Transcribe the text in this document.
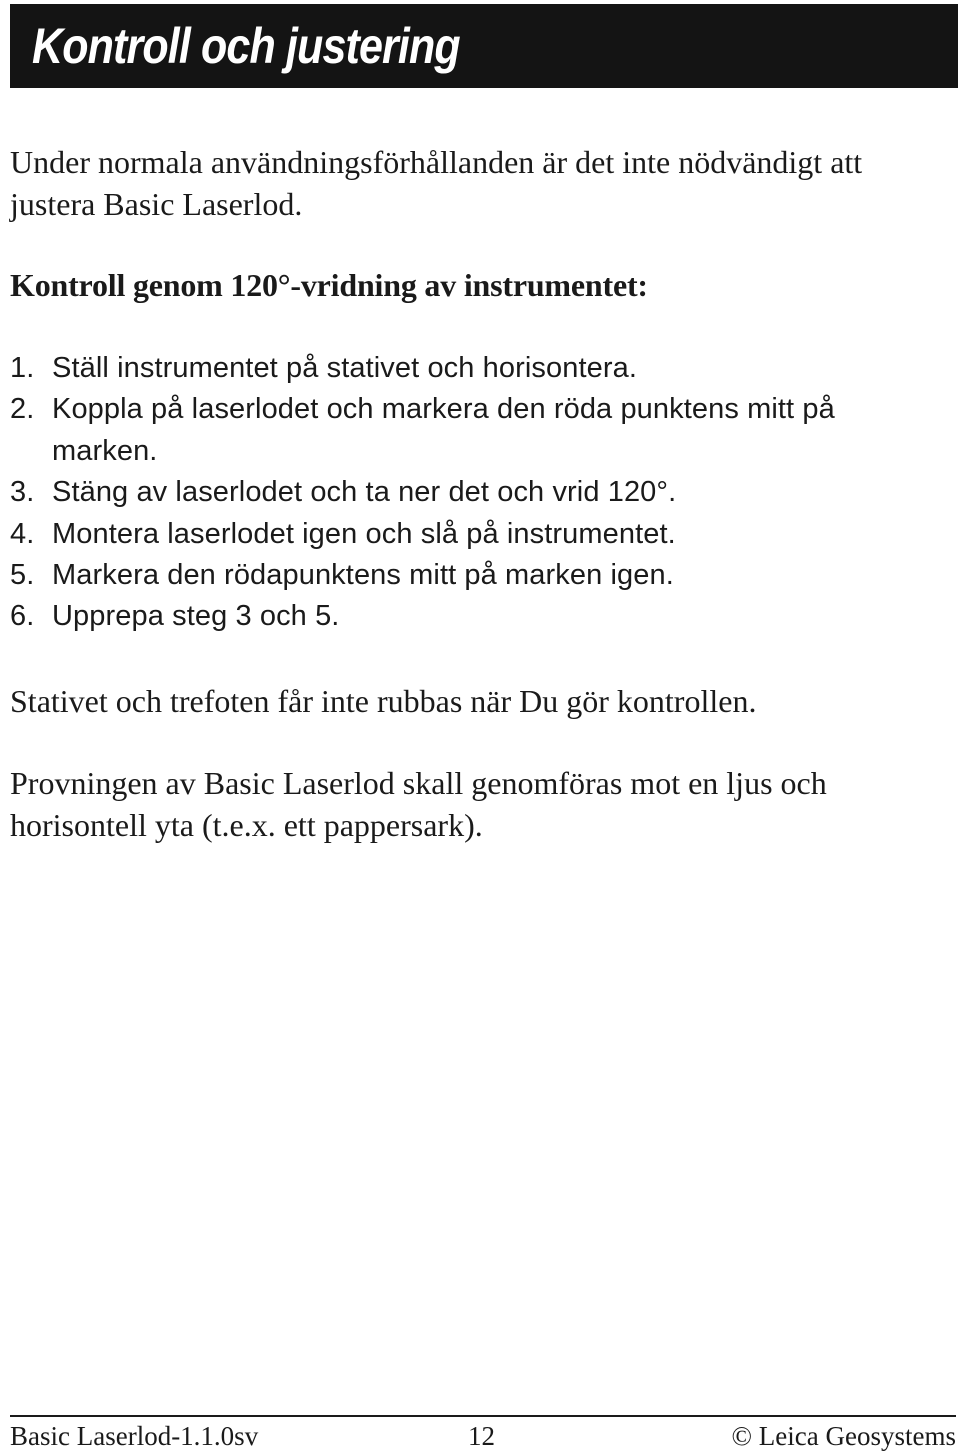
Kontroll och justering

Under normala användningsförhållanden är det inte nödvändigt att justera Basic Laserlod.

Kontroll genom 120°-vridning av instrumentet:

1. Ställ instrumentet på stativet och horisontera.
2. Koppla på laserlodet och markera den röda punktens mitt på marken.
3. Stäng av laserlodet och ta ner det och vrid 120°.
4. Montera laserlodet igen och slå på instrumentet.
5. Markera den rödapunktens mitt på marken igen.
6. Upprepa steg 3 och 5.

Stativet och trefoten får inte rubbas när Du gör kontrollen.

Provningen av Basic Laserlod skall genomföras mot en ljus och horisontell yta (t.e.x. ett pappersark).

Basic Laserlod-1.1.0sv	12	© Leica Geosystems
